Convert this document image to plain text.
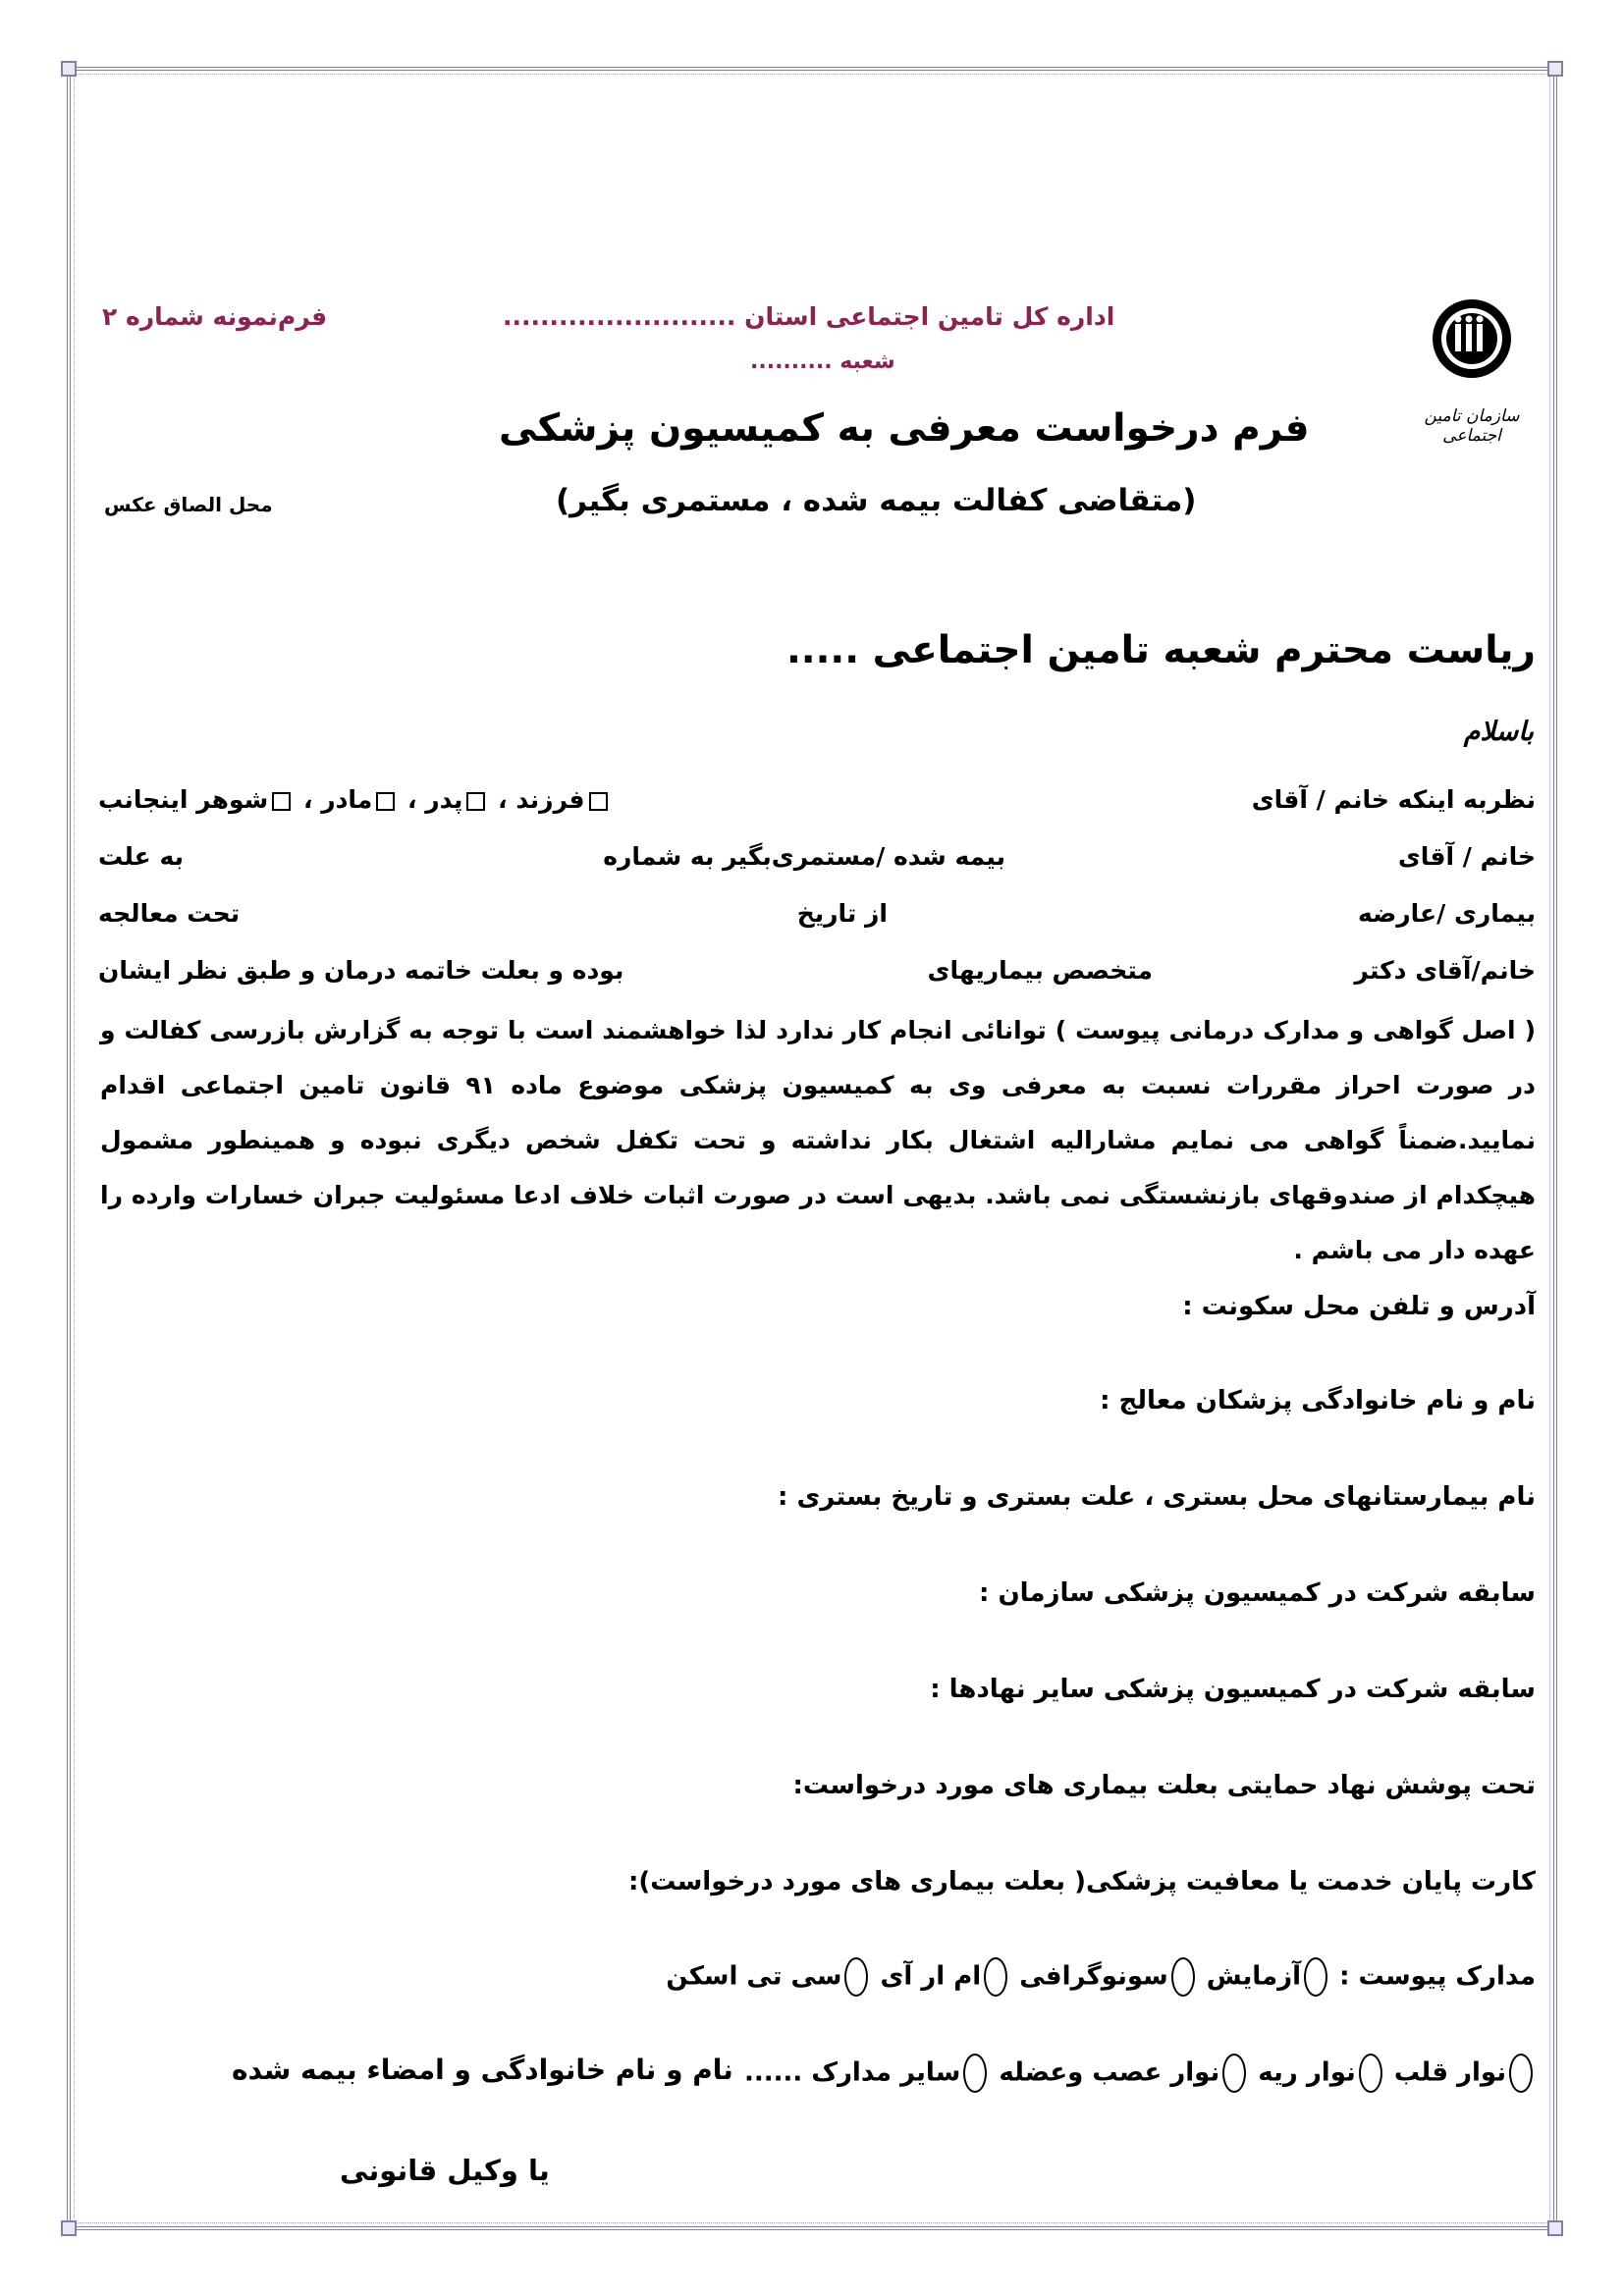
سازمان تامین اجتماعی
فرم‌نمونه شماره ۲	اداره کل تامین اجتماعی استان .........................
شعبه ..........
فرم درخواست معرفی به کمیسیون پزشکی
(متقاضی کفالت بیمه شده ، مستمری بگیر)
محل الصاق عکس
ریاست محترم شعبه تامین اجتماعی .....
باسلام
نظربه اینکه خانم / آقای
فرزند ، پدر ، مادر ، شوهر اینجانب
خانم / آقای
بیمه شده /مستمری‌بگیر به شماره
به علت
بیماری /عارضه
از تاریخ
تحت معالجه
خانم/آقای دکتر
متخصص بیماریهای
بوده و بعلت خاتمه درمان و طبق نظر ایشان
( اصل گواهی و مدارک درمانی پیوست ) توانائی انجام کار ندارد لذا خواهشمند است با توجه به گزارش بازرسی کفالت و در صورت احراز مقررات نسبت به معرفی وی به کمیسیون پزشکی موضوع ماده ۹۱ قانون تامین اجتماعی اقدام نمایید.ضمناً گواهی می نمایم مشارالیه اشتغال بکار نداشته و تحت تکفل شخص دیگری نبوده و همینطور مشمول هیچکدام از صندوقهای بازنشستگی نمی باشد. بدیهی است در صورت اثبات خلاف ادعا مسئولیت جبران خسارات وارده را عهده دار می باشم .
آدرس و تلفن محل سکونت :
نام و نام خانوادگی پزشکان معالج :
نام بیمارستانهای محل بستری ، علت بستری و تاریخ بستری :
سابقه شرکت در کمیسیون پزشکی سازمان :
سابقه شرکت در کمیسیون پزشکی سایر نهادها :
تحت پوشش نهاد حمایتی بعلت بیماری های مورد درخواست:
کارت پایان خدمت یا معافیت پزشکی( بعلت بیماری های مورد درخواست):
مدارک پیوست : آزمایش سونوگرافی ام ار آی سی تی اسکن
نوار قلب نوار ریه نوار عصب وعضله سایر مدارک ......
نام و نام خانوادگی و امضاء بیمه شده
یا وکیل قانونی
